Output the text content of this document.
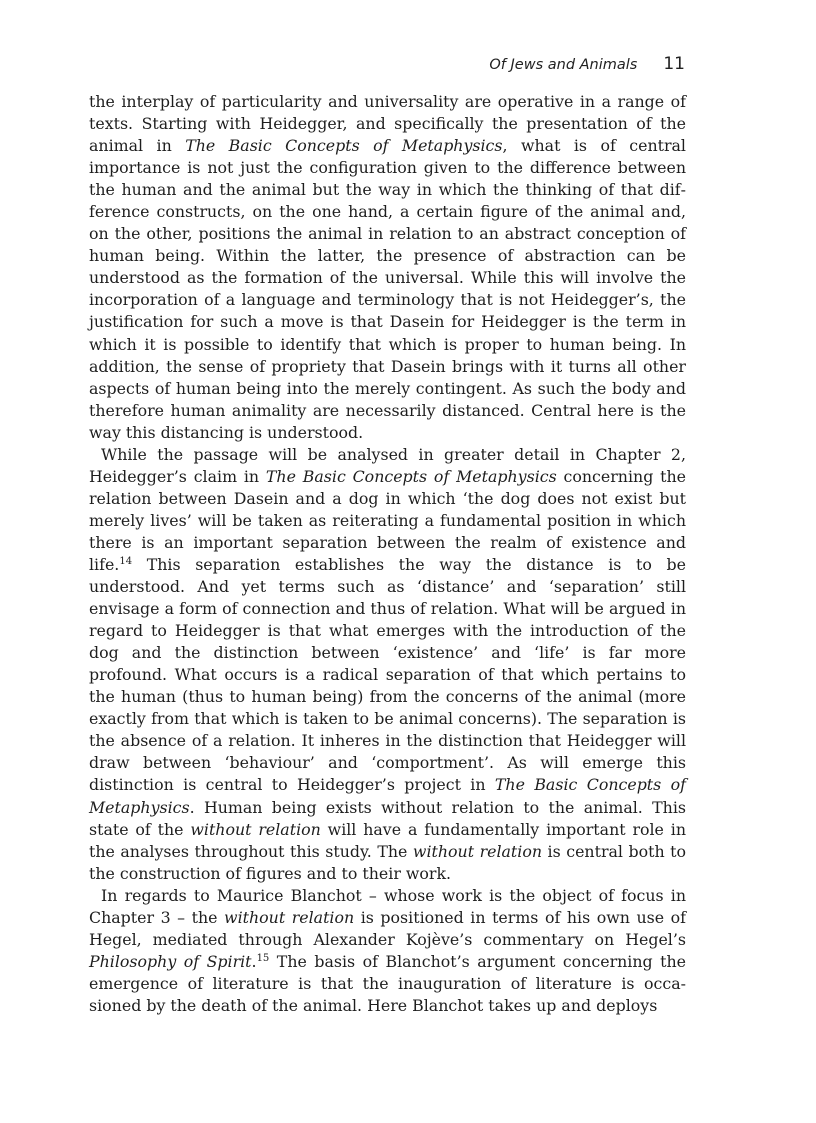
Of Jews and Animals 11

the interplay of particularity and universality are operative in a range of texts. Starting with Heidegger, and specifically the presentation of the animal in The Basic Concepts of Metaphysics, what is of central importance is not just the configuration given to the difference between the human and the animal but the way in which the thinking of that difference constructs, on the one hand, a certain figure of the animal and, on the other, positions the animal in relation to an abstract conception of human being. Within the latter, the presence of abstraction can be understood as the formation of the universal. While this will involve the incorporation of a language and terminology that is not Heidegger’s, the justification for such a move is that Dasein for Heidegger is the term in which it is possible to identify that which is proper to human being. In addition, the sense of propriety that Dasein brings with it turns all other aspects of human being into the merely contingent. As such the body and therefore human animality are necessarily distanced. Central here is the way this distancing is understood.

While the passage will be analysed in greater detail in Chapter 2, Heidegger’s claim in The Basic Concepts of Metaphysics concerning the relation between Dasein and a dog in which ‘the dog does not exist but merely lives’ will be taken as reiterating a fundamental position in which there is an important separation between the realm of existence and life.$^{14}$ This separation establishes the way the distance is to be understood. And yet terms such as ‘distance’ and ‘separation’ still envisage a form of connection and thus of relation. What will be argued in regard to Heidegger is that what emerges with the introduction of the dog and the distinction between ‘existence’ and ‘life’ is far more profound. What occurs is a radical separation of that which pertains to the human (thus to human being) from the concerns of the animal (more exactly from that which is taken to be animal concerns). The separation is the absence of a relation. It inheres in the distinction that Heidegger will draw between ‘behaviour’ and ‘comportment’. As will emerge this distinction is central to Heidegger’s project in The Basic Concepts of Metaphysics. Human being exists without relation to the animal. This state of the without relation will have a fundamentally important role in the analyses throughout this study. The without relation is central both to the construction of figures and to their work.

In regards to Maurice Blanchot – whose work is the object of focus in Chapter 3 – the without relation is positioned in terms of his own use of Hegel, mediated through Alexander Kojève’s commentary on Hegel’s Philosophy of Spirit.$^{15}$ The basis of Blanchot’s argument concerning the emergence of literature is that the inauguration of literature is occasioned by the death of the animal. Here Blanchot takes up and deploys
